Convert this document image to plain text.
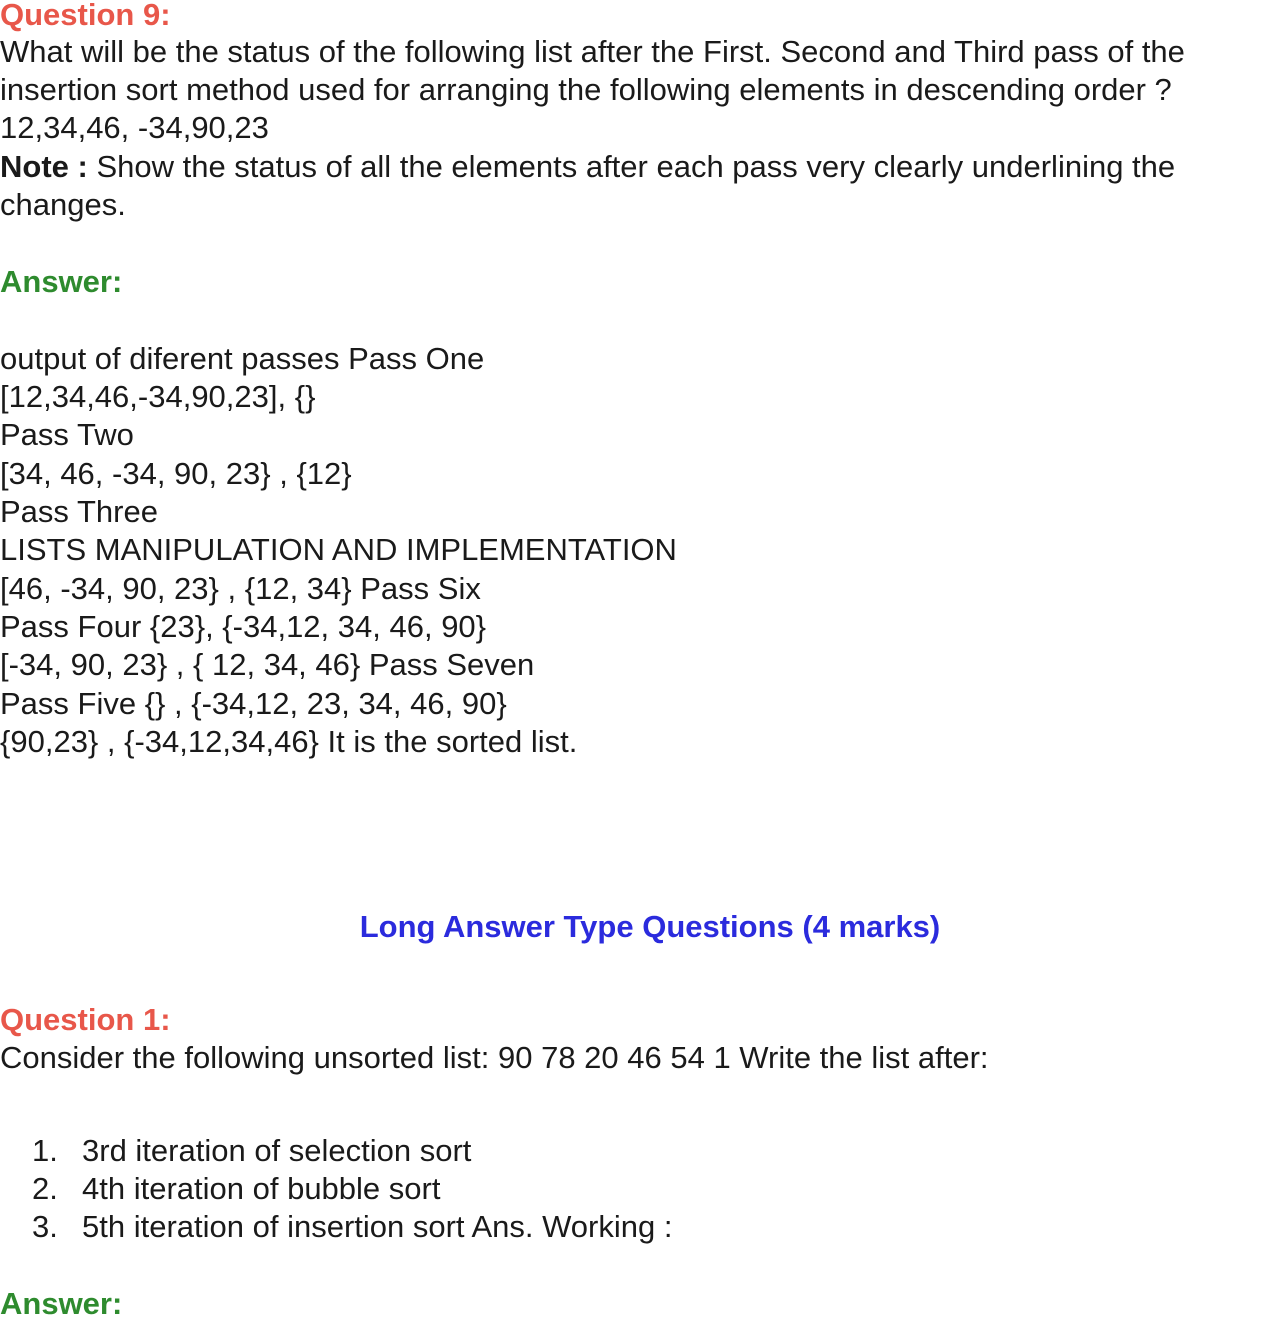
Question 9:
What will be the status of the following list after the First. Second and Third pass of the
insertion sort method used for arranging the following elements in descending order ?
12,34,46, -34,90,23
Note : Show the status of all the elements after each pass very clearly underlining the
changes.
Answer:
output of diferent passes Pass One
[12,34,46,-34,90,23], {}
Pass Two
[34, 46, -34, 90, 23} , {12}
Pass Three
LISTS MANIPULATION AND IMPLEMENTATION
[46, -34, 90, 23} , {12, 34} Pass Six
Pass Four {23}, {-34,12, 34, 46, 90}
[-34, 90, 23} , { 12, 34, 46} Pass Seven
Pass Five {} , {-34,12, 23, 34, 46, 90}
{90,23} , {-34,12,34,46} It is the sorted list.
Long Answer Type Questions (4 marks)
Question 1:
Consider the following unsorted list: 90 78 20 46 54 1 Write the list after:
1. 3rd iteration of selection sort
2. 4th iteration of bubble sort
3. 5th iteration of insertion sort Ans. Working :
Answer:
